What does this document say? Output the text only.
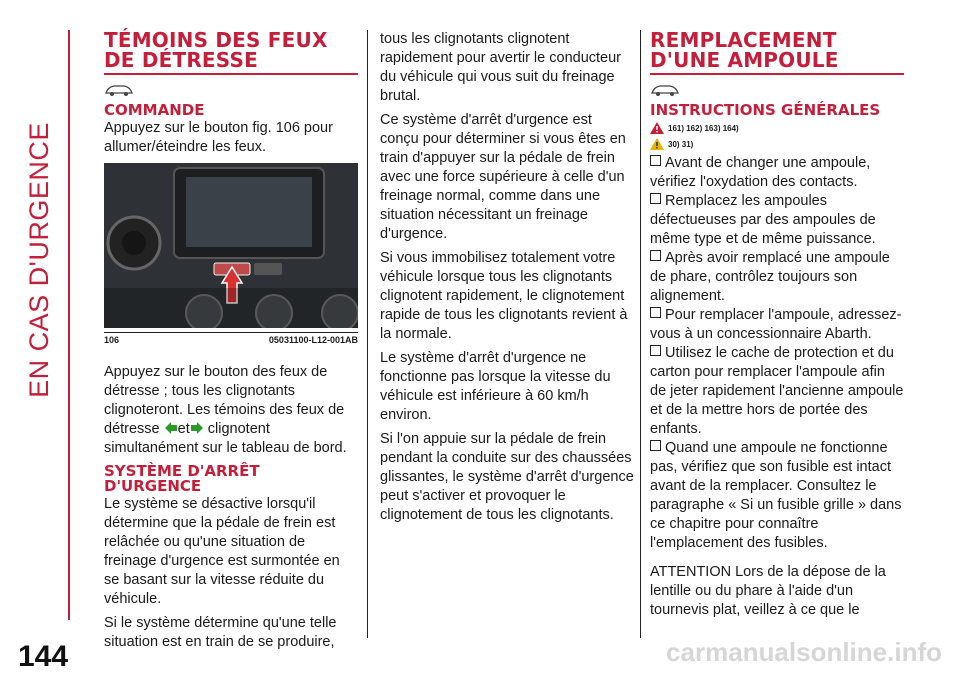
EN CAS D'URGENCE
144
TÉMOINS DES FEUX DE DÉTRESSE
COMMANDE

Appuyez sur le bouton fig. 106 pour allumer/éteindre les feux.

106	05031100-L12-001AB

Appuyez sur le bouton des feux de détresse ; tous les clignotants clignoteront. Les témoins des feux de détresse et clignotent simultanément sur le tableau de bord.

SYSTÈME D'ARRÊT D'URGENCE

Le système se désactive lorsqu'il détermine que la pédale de frein est relâchée ou qu'une situation de freinage d'urgence est surmontée en se basant sur la vitesse réduite du véhicule.

Si le système détermine qu'une telle situation est en train de se produire,

tous les clignotants clignotent rapidement pour avertir le conducteur du véhicule qui vous suit du freinage brutal.

Ce système d'arrêt d'urgence est conçu pour déterminer si vous êtes en train d'appuyer sur la pédale de frein avec une force supérieure à celle d'un freinage normal, comme dans une situation nécessitant un freinage d'urgence.

Si vous immobilisez totalement votre véhicule lorsque tous les clignotants clignotent rapidement, le clignotement rapide de tous les clignotants revient à la normale.

Le système d'arrêt d'urgence ne fonctionne pas lorsque la vitesse du véhicule est inférieure à 60 km/h environ.

Si l'on appuie sur la pédale de frein pendant la conduite sur des chaussées glissantes, le système d'arrêt d'urgence peut s'activer et provoquer le clignotement de tous les clignotants.

REMPLACEMENT D'UNE AMPOULE
INSTRUCTIONS GÉNÉRALES
161) 162) 163) 164)
30) 31)

Avant de changer une ampoule, vérifiez l'oxydation des contacts.

Remplacez les ampoules défectueuses par des ampoules de même type et de même puissance.

Après avoir remplacé une ampoule de phare, contrôlez toujours son alignement.

Pour remplacer l'ampoule, adressez-vous à un concessionnaire Abarth.

Utilisez le cache de protection et du carton pour remplacer l'ampoule afin de jeter rapidement l'ancienne ampoule et de la mettre hors de portée des enfants.

Quand une ampoule ne fonctionne pas, vérifiez que son fusible est intact avant de la remplacer. Consultez le paragraphe « Si un fusible grille » dans ce chapitre pour connaître l'emplacement des fusibles.

ATTENTION Lors de la dépose de la lentille ou du phare à l'aide d'un tournevis plat, veillez à ce que le

carmanualsonline.info
